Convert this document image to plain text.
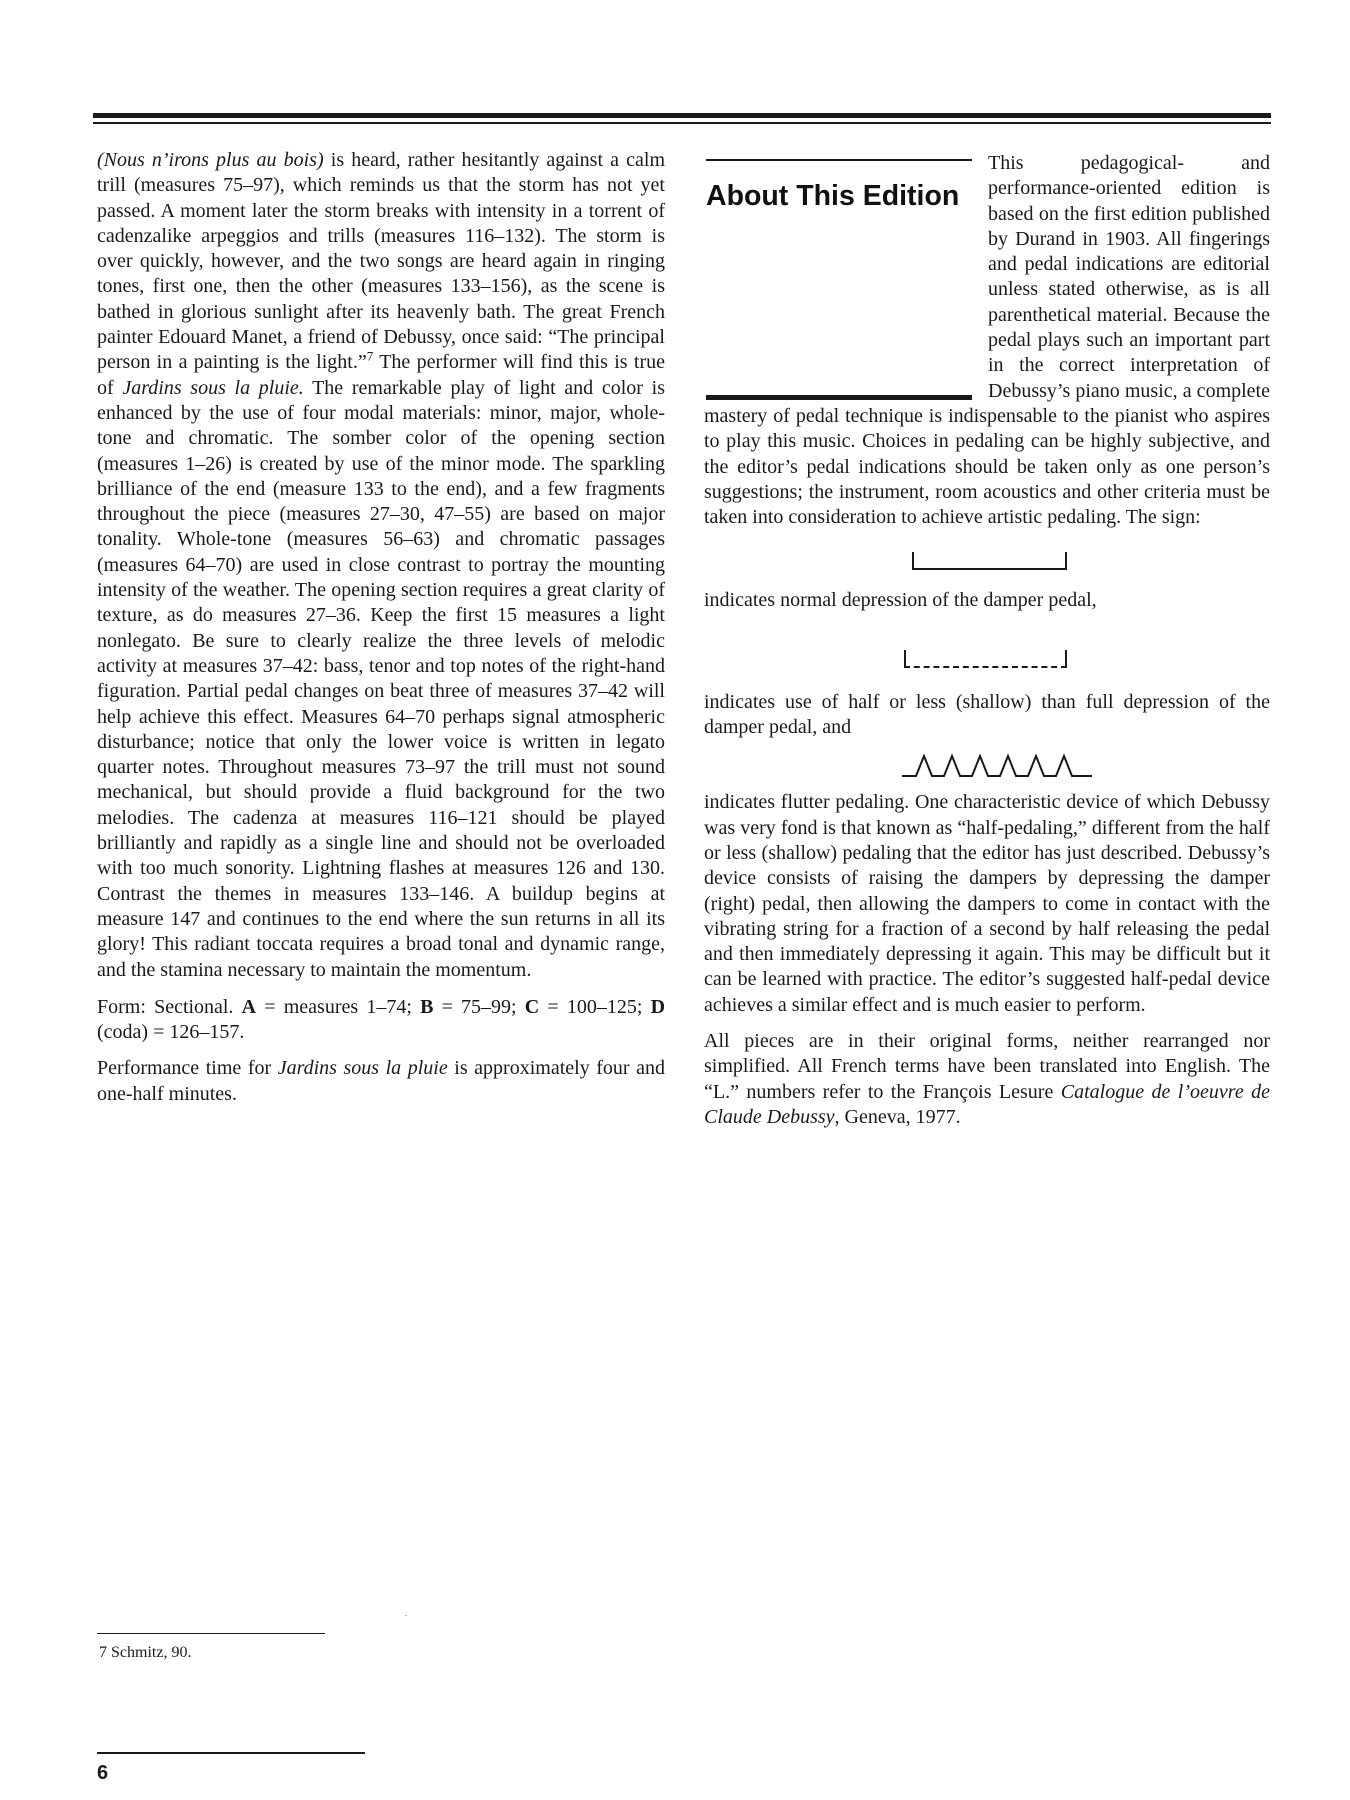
(Nous n’irons plus au bois) is heard, rather hesitantly against a calm trill (measures 75–97), which reminds us that the storm has not yet passed. A moment later the storm breaks with intensity in a torrent of cadenzalike arpeggios and trills (measures 116–132). The storm is over quickly, however, and the two songs are heard again in ringing tones, first one, then the other (measures 133–156), as the scene is bathed in glorious sunlight after its heavenly bath. The great French painter Edouard Manet, a friend of Debussy, once said: “The principal person in a painting is the light.”$^7$ The performer will find this is true of Jardins sous la pluie. The remarkable play of light and color is enhanced by the use of four modal materials: minor, major, whole-tone and chromatic. The somber color of the opening section (measures 1–26) is created by use of the minor mode. The sparkling brilliance of the end (measure 133 to the end), and a few fragments throughout the piece (measures 27–30, 47–55) are based on major tonality. Whole-tone (measures 56–63) and chromatic passages (measures 64–70) are used in close contrast to portray the mounting intensity of the weather. The opening section requires a great clarity of texture, as do measures 27–36. Keep the first 15 measures a light nonlegato. Be sure to clearly realize the three levels of melodic activity at measures 37–42: bass, tenor and top notes of the right-hand figuration. Partial pedal changes on beat three of measures 37–42 will help achieve this effect. Measures 64–70 perhaps signal atmospheric disturbance; notice that only the lower voice is written in legato quarter notes. Throughout measures 73–97 the trill must not sound mechanical, but should provide a fluid background for the two melodies. The cadenza at measures 116–121 should be played brilliantly and rapidly as a single line and should not be overloaded with too much sonority. Lightning flashes at measures 126 and 130. Contrast the themes in measures 133–146. A buildup begins at measure 147 and continues to the end where the sun returns in all its glory! This radiant toccata requires a broad tonal and dynamic range, and the stamina necessary to maintain the momentum.

Form: Sectional. A = measures 1–74; B = 75–99; C = 100–125; D (coda) = 126–157.

Performance time for Jardins sous la pluie is approximately four and one-half minutes.

About This Edition

This pedagogical- and performance-oriented edition is based on the first edition published by Durand in 1903. All fingerings and pedal indications are editorial unless stated otherwise, as is all parenthetical material. Because the pedal plays such an important part in the correct interpretation of Debussy’s piano music, a complete mastery of pedal technique is indispensable to the pianist who aspires to play this music. Choices in pedaling can be highly subjective, and the editor’s pedal indications should be taken only as one person’s suggestions; the instrument, room acoustics and other criteria must be taken into consideration to achieve artistic pedaling. The sign:

indicates normal depression of the damper pedal,

indicates use of half or less (shallow) than full depression of the damper pedal, and

indicates flutter pedaling. One characteristic device of which Debussy was very fond is that known as “half-pedaling,” different from the half or less (shallow) pedaling that the editor has just described. Debussy’s device consists of raising the dampers by depressing the damper (right) pedal, then allowing the dampers to come in contact with the vibrating string for a fraction of a second by half releasing the pedal and then immediately depressing it again. This may be difficult but it can be learned with practice. The editor’s suggested half-pedal device achieves a similar effect and is much easier to perform.

All pieces are in their original forms, neither rearranged nor simplified. All French terms have been translated into English. The “L.” numbers refer to the François Lesure Catalogue de l’oeuvre de Claude Debussy, Geneva, 1977.

7 Schmitz, 90.
6
